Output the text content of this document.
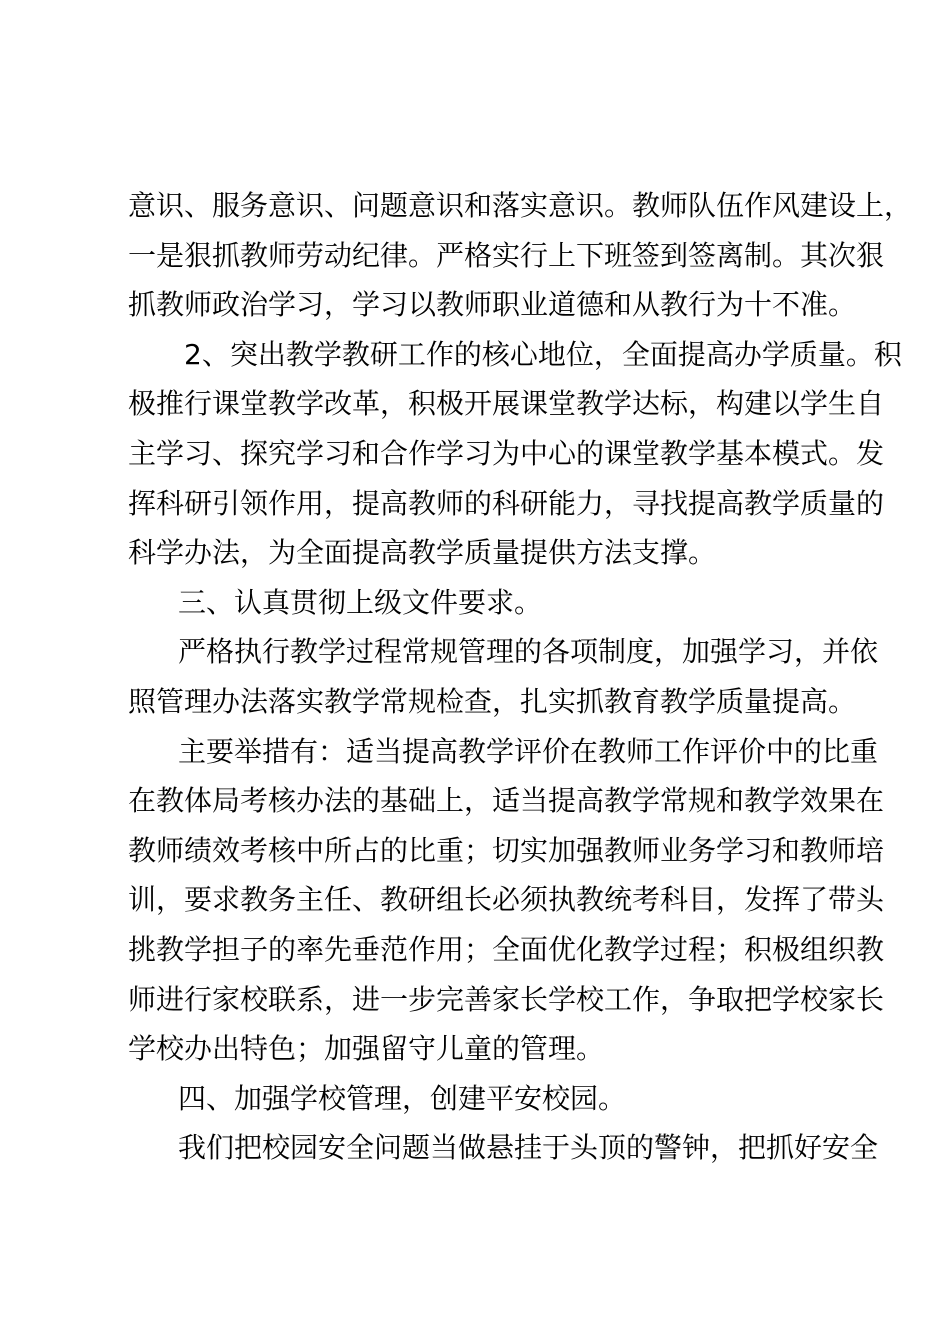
意识、服务意识、问题意识和落实意识。教师队伍作风建设上，
一是狠抓教师劳动纪律。严格实行上下班签到签离制。其次狠
抓教师政治学习，学习以教师职业道德和从教行为十不准。

2、突出教学教研工作的核心地位，全面提高办学质量。积
极推行课堂教学改革，积极开展课堂教学达标，构建以学生自
主学习、探究学习和合作学习为中心的课堂教学基本模式。发
挥科研引领作用，提高教师的科研能力，寻找提高教学质量的
科学办法，为全面提高教学质量提供方法支撑。

三、认真贯彻上级文件要求。

严格执行教学过程常规管理的各项制度，加强学习，并依
照管理办法落实教学常规检查，扎实抓教育教学质量提高。

主要举措有：适当提高教学评价在教师工作评价中的比重
在教体局考核办法的基础上，适当提高教学常规和教学效果在
教师绩效考核中所占的比重；切实加强教师业务学习和教师培
训，要求教务主任、教研组长必须执教统考科目，发挥了带头
挑教学担子的率先垂范作用；全面优化教学过程；积极组织教
师进行家校联系，进一步完善家长学校工作，争取把学校家长
学校办出特色；加强留守儿童的管理。

四、加强学校管理，创建平安校园。

我们把校园安全问题当做悬挂于头顶的警钟，把抓好安全
